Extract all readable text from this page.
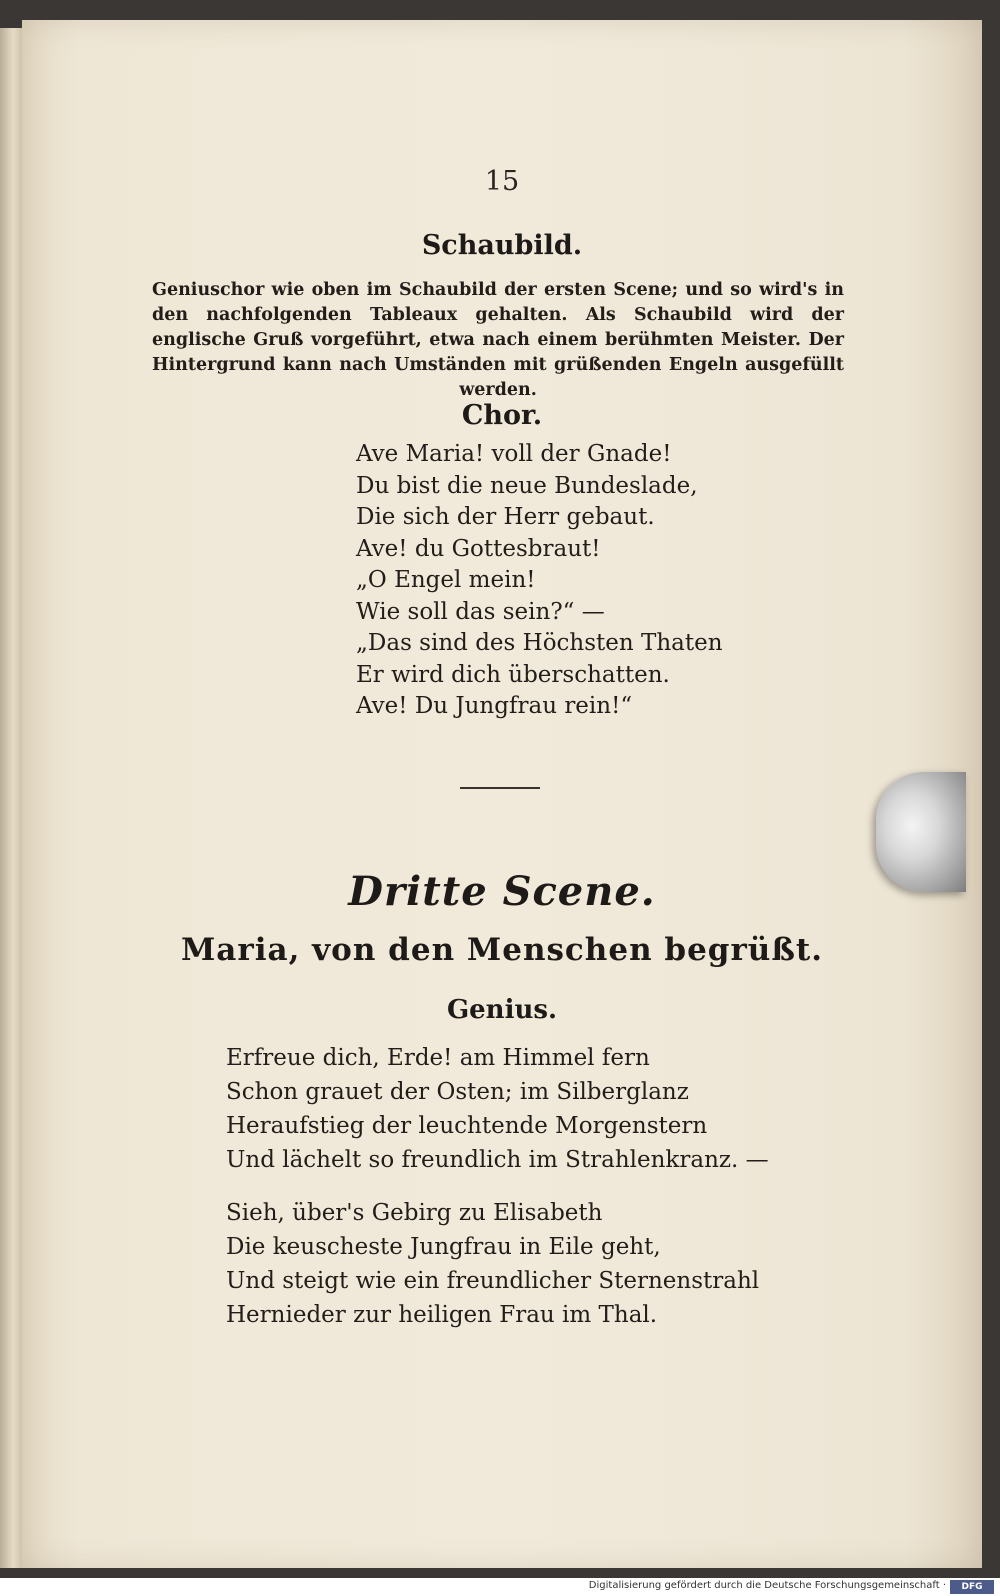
15
Schaubild.
Geniuschor wie oben im Schaubild der ersten Scene; und so wird's in den nachfolgenden Tableaux gehalten. Als Schaubild wird der englische Gruß vorgeführt, etwa nach einem berühmten Meister. Der Hintergrund kann nach Umständen mit grüßenden Engeln ausgefüllt werden.
Chor.
Ave Maria! voll der Gnade!
Du bist die neue Bundeslade,
Die sich der Herr gebaut.
Ave! du Gottesbraut!
„O Engel mein!
Wie soll das sein?“ —
„Das sind des Höchsten Thaten
Er wird dich überschatten.
Ave! Du Jungfrau rein!“
Dritte Scene.
Maria, von den Menschen begrüßt.
Genius.
Erfreue dich, Erde! am Himmel fern
Schon grauet der Osten; im Silberglanz
Heraufstieg der leuchtende Morgenstern
Und lächelt so freundlich im Strahlenkranz. —
Sieh, über's Gebirg zu Elisabeth
Die keuscheste Jungfrau in Eile geht,
Und steigt wie ein freundlicher Sternenstrahl
Hernieder zur heiligen Frau im Thal.
Digitalisierung gefördert durch die Deutsche Forschungsgemeinschaft ·	DFG
